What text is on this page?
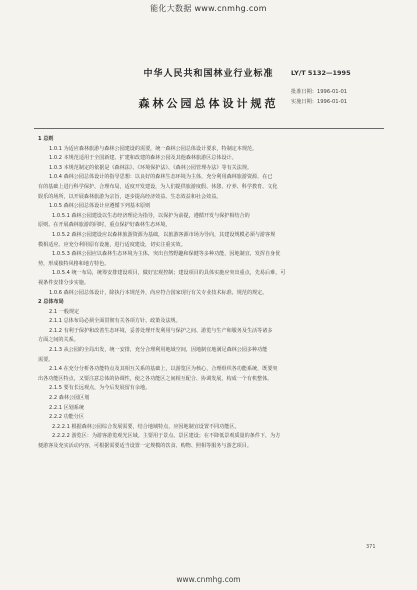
能化大数据 www.cnmhg.com
中华人民共和国林业行业标准	LY/T 5132—1995
森林公园总体设计规范
批准日期：1996-01-01
实施日期：1996-01-01

1 总则

1.0.1 为适应森林旅游与森林公园建设的需要，统一森林公园总体设计要求，特制定本规范。

1.0.2 本规范适用于全国新建、扩建和改建的森林公园及其他森林旅游区总体设计。

1.0.3 本规范制定的依据是《森林法》、《环境保护法》、《森林公园管理办法》等有关法规。

1.0.4 森林公园总体设计的指导思想：以良好的森林生态环境为主体，充分利用森林旅游资源，在已

有的基础上进行科学保护、合理布局，适度开发建设，为人们提供旅游度假、休憩、疗养、科学教育、文化

娱乐的场所，以开展森林旅游为宗旨，逐步提高经济效益、生态效益和社会效益。

1.0.5 森林公园总体设计应遵循下列基本原则

1.0.5.1 森林公园建设以生态经济理论为指导，以保护为前提，遵循开发与保护相结合的

原则。在开展森林旅游的同时，重点保护好森林生态环境。

1.0.5.2 森林公园建设应以森林旅游资源为基础，以旅游客源市场为导向，其建设规模必须与游客规

模相适应。应充分利用原有设施，进行适度建设，切实注重实效。

1.0.5.3 森林公园应以森林生态环境为主体，突出自然野趣和保健等多种功能，因地制宜，发挥自身优

势，形成独特风格和地方特色。

1.0.5.4 统一布局，统筹安排建设项目，做好宏观控制；建设项目的具体实施应突出重点，先易后难，可

视条件安排分步实施。

1.0.6 森林公园总体设计，除执行本规范外，尚应符合国家现行有关专业技术标准、规范的规定。

2 总体布局

2.1 一般规定

2.1.1 总体布局必须全面贯彻有关各项方针、政策及法规。

2.1.2 有利于保护和改善生态环境，妥善处理开发利用与保护之间、游览与生产和服务及生活等诸多

方面之间的关系。

2.1.3 从公园的全局出发，统一安排，充分合理利用地域空间，因地制宜地满足森林公园多种功能

需要。

2.1.4 在充分分析各功能特点及其相互关系的基础上，以游览区为核心，合理组织各功能系统，既要突

出各功能区特点，又要注意总体的协调性，使之各功能区之间相互配合、协调发展，构成一个有机整体。

2.1.5 要有长远观点，为今后发展留有余地。

2.2 森林公园区划

2.2.1 区划系统

2.2.2 功能分区

2.2.2.1 根据森林公园综合发展需要，结合地域特点，应因地制宜设置不同功能区。

2.2.2.2 游览区：为游客游览观光区域。主要用于景点、景区建设；在不降低景观质量的条件下，为方

便游客及充实活动内容，可根据需要适当设置一定规模的饮食、购物、照相等服务与游艺项目。

371
www.cnmhg.com
